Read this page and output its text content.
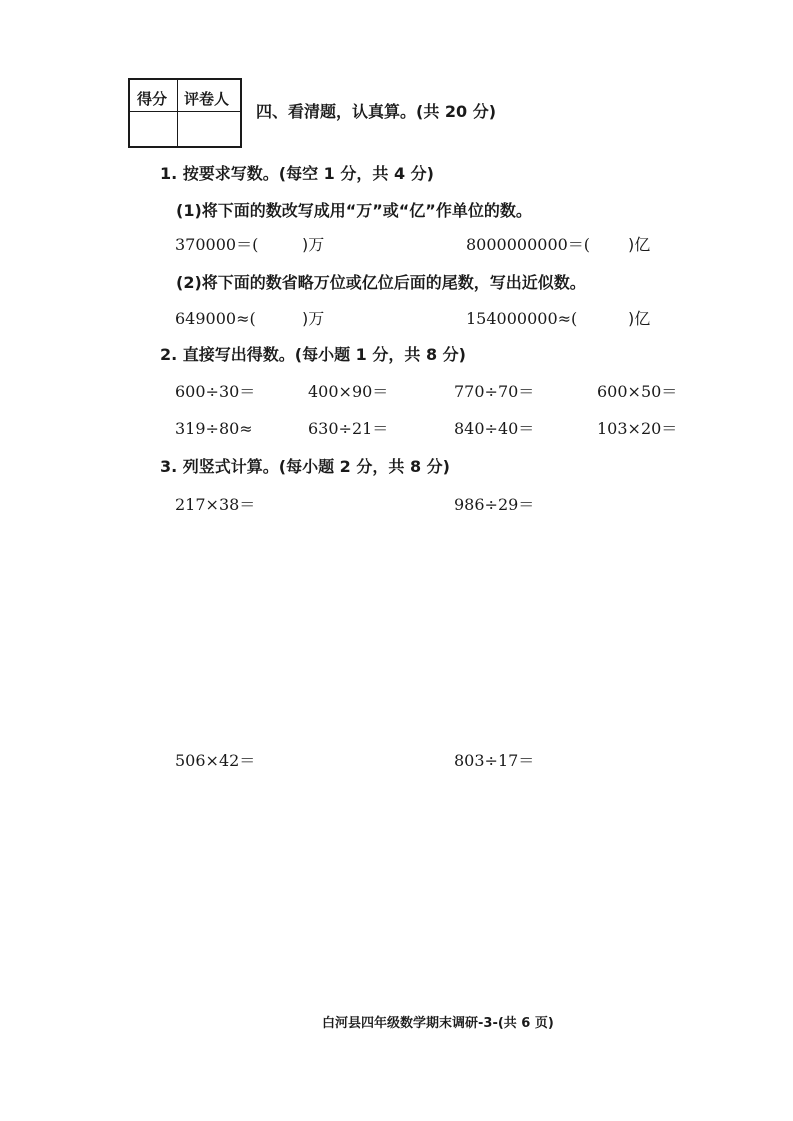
得分 评卷人
四、看清题，认真算。(共 20 分)
1. 按要求写数。(每空 1 分，共 4 分)
(1)将下面的数改写成用“万”或“亿”作单位的数。
370000＝(	)万	8000000000＝( )亿
(2)将下面的数省略万位或亿位后面的尾数，写出近似数。
649000≈(	)万	154000000≈(	)亿
2. 直接写出得数。(每小题 1 分，共 8 分)
600÷30＝	400×90＝	770÷70＝	600×50＝
319÷80≈	630÷21＝	840÷40＝	103×20＝
3. 列竖式计算。(每小题 2 分，共 8 分)
217×38＝	986÷29＝
506×42＝	803÷17＝
白河县四年级数学期末调研-3-(共 6 页)
